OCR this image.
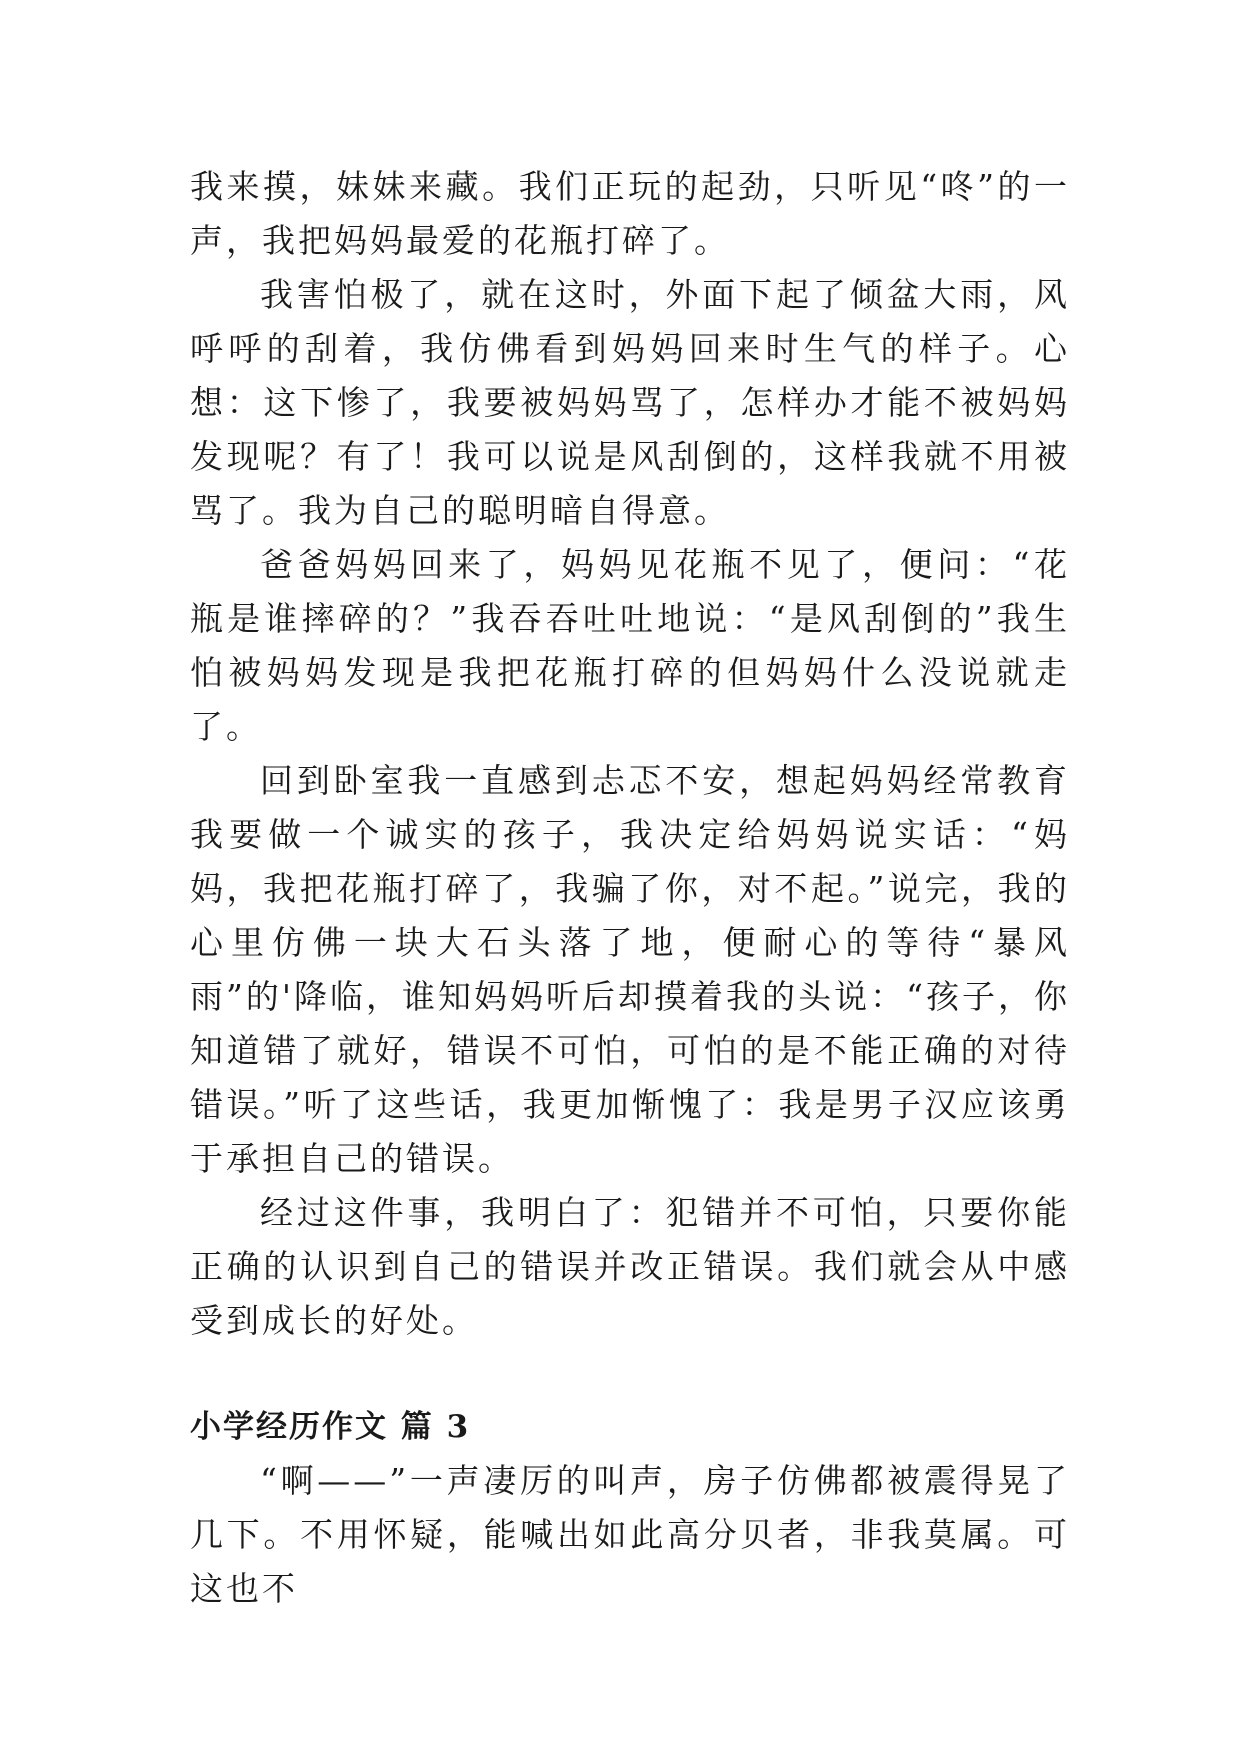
我来摸，妹妹来藏。我们正玩的起劲，只听见“咚”的一声，我把妈妈最爱的花瓶打碎了。

我害怕极了，就在这时，外面下起了倾盆大雨，风呼呼的刮着，我仿佛看到妈妈回来时生气的样子。心想：这下惨了，我要被妈妈骂了，怎样办才能不被妈妈发现呢？有了！我可以说是风刮倒的，这样我就不用被骂了。我为自己的聪明暗自得意。

爸爸妈妈回来了，妈妈见花瓶不见了，便问：“花瓶是谁摔碎的？”我吞吞吐吐地说：“是风刮倒的”我生怕被妈妈发现是我把花瓶打碎的但妈妈什么没说就走了。

回到卧室我一直感到忐忑不安，想起妈妈经常教育我要做一个诚实的孩子，我决定给妈妈说实话：“妈妈，我把花瓶打碎了，我骗了你，对不起。”说完，我的心里仿佛一块大石头落了地，便耐心的等待“暴风雨”的'降临，谁知妈妈听后却摸着我的头说：“孩子，你知道错了就好，错误不可怕，可怕的是不能正确的对待错误。”听了这些话，我更加惭愧了：我是男子汉应该勇于承担自己的错误。

经过这件事，我明白了：犯错并不可怕，只要你能正确的认识到自己的错误并改正错误。我们就会从中感受到成长的好处。

小学经历作文 篇 3

“啊——”一声凄厉的叫声，房子仿佛都被震得晃了几下。不用怀疑，能喊出如此高分贝者，非我莫属。可这也不
